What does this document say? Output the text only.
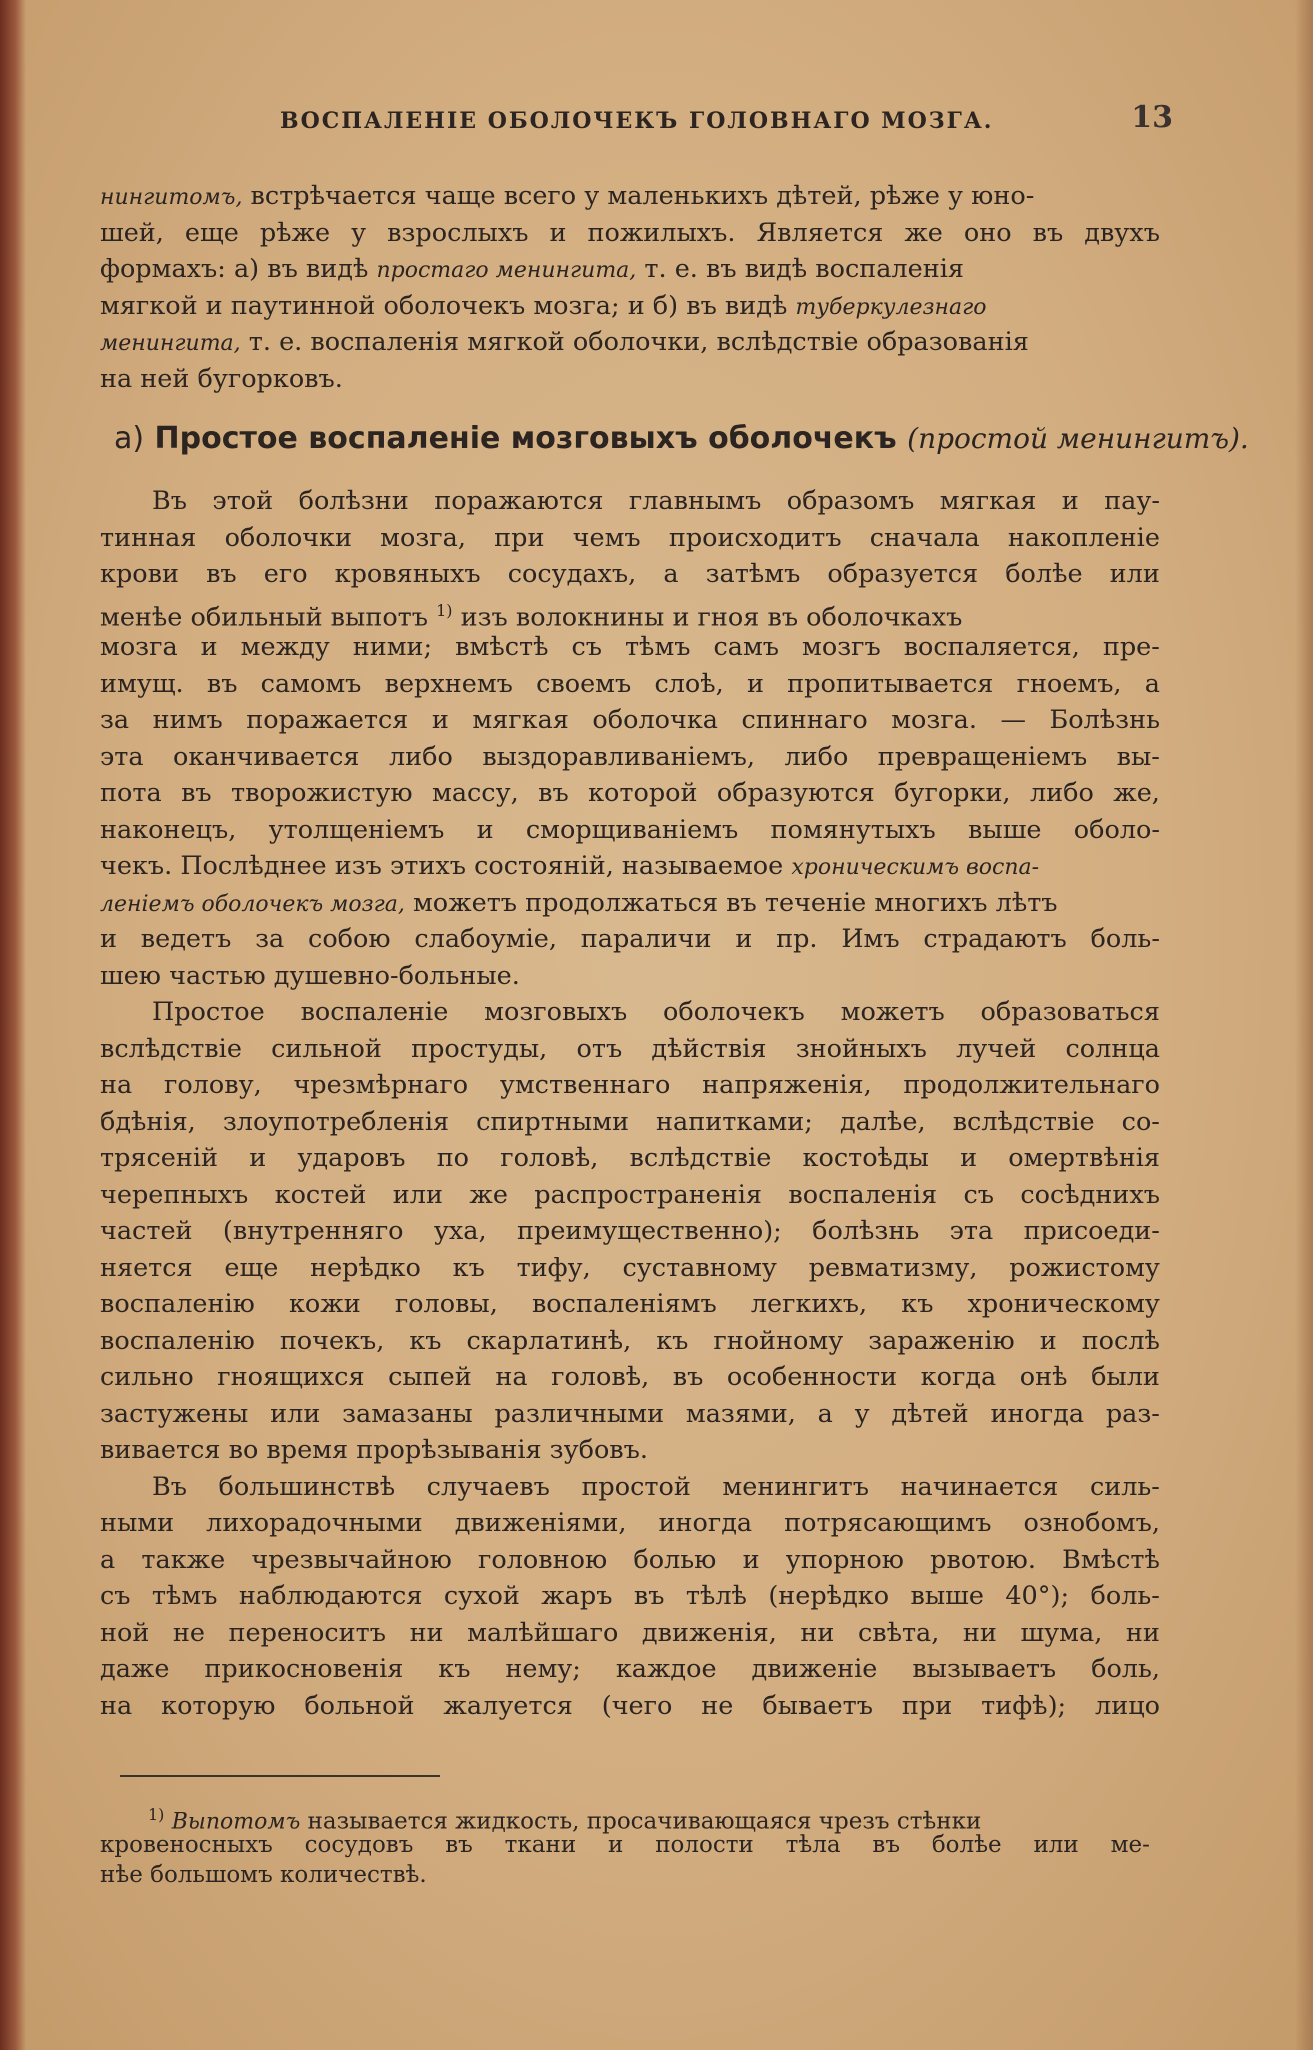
ВОСПАЛЕНІЕ ОБОЛОЧЕКЪ ГОЛОВНАГО МОЗГА.	13
нингитомъ, встрѣчается чаще всего у маленькихъ дѣтей, рѣже у юно-
шей, еще рѣже у взрослыхъ и пожилыхъ. Является же оно въ двухъ
формахъ: а) въ видѣ простаго менингита, т. е. въ видѣ воспаленія
мягкой и паутинной оболочекъ мозга; и б) въ видѣ туберкулезнаго
менингита, т. е. воспаленія мягкой оболочки, вслѣдствіе образованія
на ней бугорковъ.
а) Простое воспаленіе мозговыхъ оболочекъ (простой менингитъ).
Въ этой болѣзни поражаются главнымъ образомъ мягкая и пау-
тинная оболочки мозга, при чемъ происходитъ сначала накопленіе
крови въ его кровяныхъ сосудахъ, а затѣмъ образуется болѣе или
менѣе обильный выпотъ $^{1)}$ изъ волокнины и гноя въ оболочкахъ
мозга и между ними; вмѣстѣ съ тѣмъ самъ мозгъ воспаляется, пре-
имущ. въ самомъ верхнемъ своемъ слоѣ, и пропитывается гноемъ, а
за нимъ поражается и мягкая оболочка спиннаго мозга. — Болѣзнь
эта оканчивается либо выздоравливаніемъ, либо превращеніемъ вы-
пота въ творожистую массу, въ которой образуются бугорки, либо же,
наконецъ, утолщеніемъ и сморщиваніемъ помянутыхъ выше оболо-
чекъ. Послѣднее изъ этихъ состояній, называемое хроническимъ воспа-
леніемъ оболочекъ мозга, можетъ продолжаться въ теченіе многихъ лѣтъ
и ведетъ за собою слабоуміе, параличи и пр. Имъ страдаютъ боль-
шею частью душевно-больные.
Простое воспаленіе мозговыхъ оболочекъ можетъ образоваться
вслѣдствіе сильной простуды, отъ дѣйствія знойныхъ лучей солнца
на голову, чрезмѣрнаго умственнаго напряженія, продолжительнаго
бдѣнія, злоупотребленія спиртными напитками; далѣе, вслѣдствіе со-
трясеній и ударовъ по головѣ, вслѣдствіе костоѣды и омертвѣнія
черепныхъ костей или же распространенія воспаленія съ сосѣднихъ
частей (внутренняго уха, преимущественно); болѣзнь эта присоеди-
няется еще нерѣдко къ тифу, суставному ревматизму, рожистому
воспаленію кожи головы, воспаленіямъ легкихъ, къ хроническому
воспаленію почекъ, къ скарлатинѣ, къ гнойному зараженію и послѣ
сильно гноящихся сыпей на головѣ, въ особенности когда онѣ были
застужены или замазаны различными мазями, а у дѣтей иногда раз-
вивается во время прорѣзыванія зубовъ.
Въ большинствѣ случаевъ простой менингитъ начинается силь-
ными лихорадочными движеніями, иногда потрясающимъ ознобомъ,
а также чрезвычайною головною болью и упорною рвотою. Вмѣстѣ
съ тѣмъ наблюдаются сухой жаръ въ тѣлѣ (нерѣдко выше 40°); боль-
ной не переноситъ ни малѣйшаго движенія, ни свѣта, ни шума, ни
даже прикосновенія къ нему; каждое движеніе вызываетъ боль,
на которую больной жалуется (чего не бываетъ при тифѣ); лицо
$^{1)}$ Выпотомъ называется жидкость, просачивающаяся чрезъ стѣнки
кровеносныхъ сосудовъ въ ткани и полости тѣла въ болѣе или ме-
нѣе большомъ количествѣ.
